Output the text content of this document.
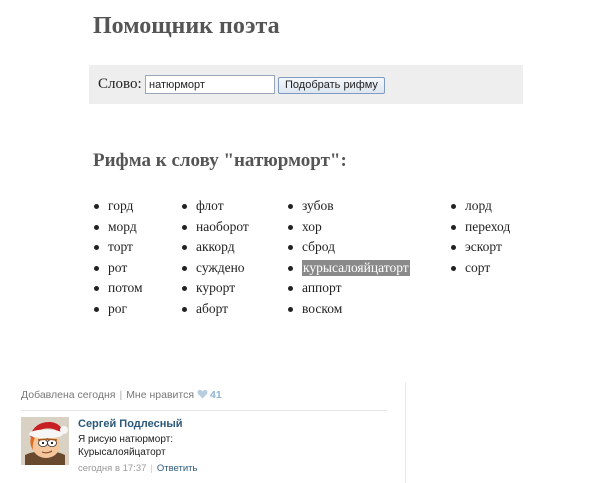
Помощник поэта
Слово:
натюрморт	Подобрать рифму
Рифма к слову "натюрморт":
горд
морд
торт
рот
потом
рог
флот
наоборот
аккорд
суждено
курорт
аборт
зубов
хор
сброд
курысалояйцаторт
аппорт
воском
лорд
переход
эскорт
сорт
Добавлена сегодня | Мне нравится 41
Сергей Подлесный
Я рисую натюрморт:
Курысалояйцаторт
сегодня в 17:37 | Ответить
